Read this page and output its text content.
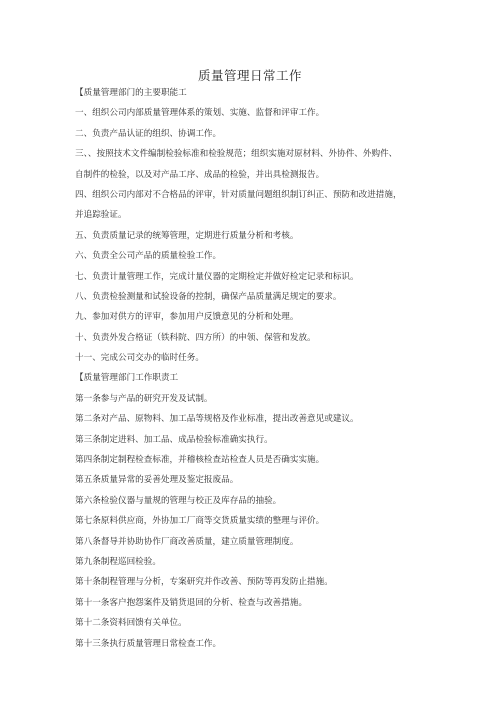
质量管理日常工作

【质量管理部门的主要职能工

一、组织公司内部质量管理体系的策划、实施、监督和评审工作。

二、负责产品认证的组织、协调工作。

三、、按照技术文件编制检验标准和检验规范；组织实施对原材料、外协件、外购件、

自制件的检验，以及对产品工序、成品的检验，并出具检测报告。

四、组织公司内部对不合格品的评审，针对质量问题组织制订纠正、预防和改进措施，

并追踪验证。

五、负责质量记录的统筹管理，定期进行质量分析和考核。

六、负责全公司产品的质量检验工作。

七、负责计量管理工作，完成计量仪器的定期检定并做好检定记录和标识。

八、负责检验测量和试验设备的控制，确保产品质量满足规定的要求。

九、参加对供方的评审，参加用户反馈意见的分析和处理。

十、负责外发合格证（铁科院、四方所）的申领、保管和发放。

十一、完成公司交办的临时任务。

【质量管理部门工作职责工

第一条参与产品的研究开发及试制。

第二条对产品、原物料、加工品等规格及作业标准，提出改善意见或建议。

第三条制定进料、加工品、成品检验标准确实执行。

第四条制定制程检查标准，并稽核检查站检查人员是否确实实施。

第五条质量异常的妥善处理及鉴定报废品。

第六条检验仪器与量规的管理与校正及库存品的抽验。

第七条原料供应商，外协加工厂商等交货质量实绩的整理与评价。

第八条督导并协助协作厂商改善质量，建立质量管理制度。

第九条制程巡回检验。

第十条制程管理与分析，专案研究并作改善、预防等再发防止措施。

第十一条客户抱怨案件及销货退回的分析、检查与改善措施。

第十二条资料回馈有关单位。

第十三条执行质量管理日常检查工作。
